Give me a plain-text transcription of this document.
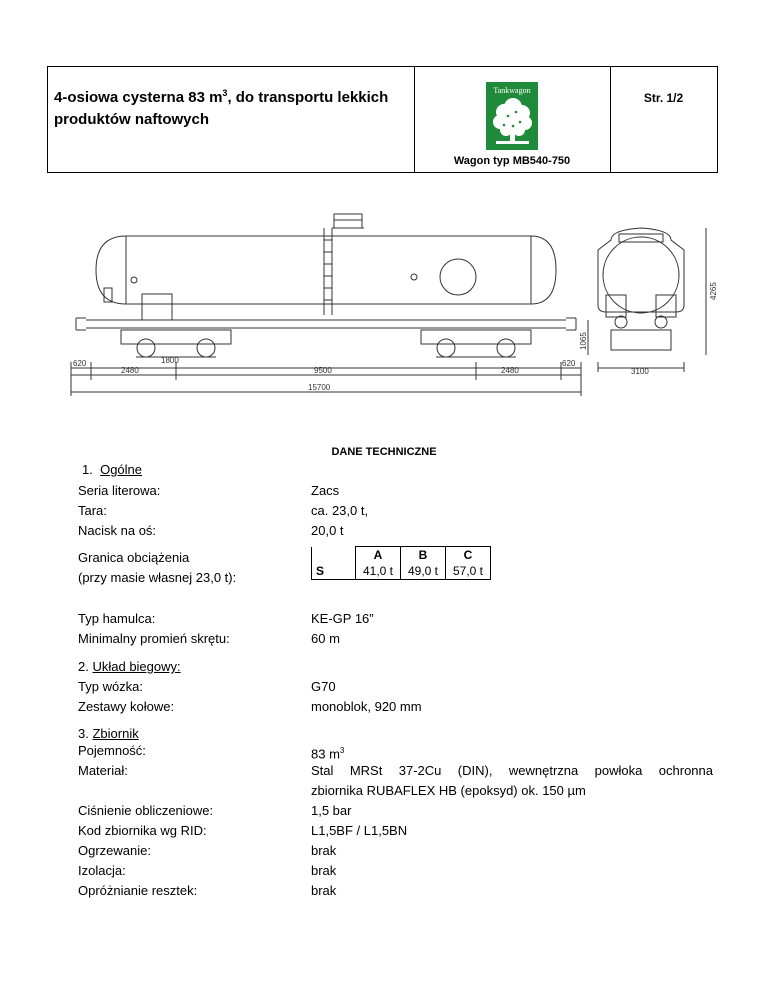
4-osiowa cysterna 83 $m^3$, do transportu lekkich
produktów naftowych
Tankwagon
Wagon typ MB540-750
Str. 1/2
620
2480
1800
9500	2480
620
15700
3100
4265
1065
DANE TECHNICZNE
1. Ogólne
Seria literowa:	Zacs
Tara:	ca. 23,0 t,
Nacisk na oś:	20,0 t
Granica obciążenia
(przy masie własnej 23,0 t):
	A	B	C
S	41,0 t	49,0 t	57,0 t
Typ hamulca:	KE-GP 16”
Minimalny promień skrętu:	60 m
2. Układ biegowy:
Typ wózka:	G70
Zestawy kołowe:	monoblok, 920 mm
3. Zbiornik
Pojemność:	83 $m^3$
Materiał:	Stal MRSt 37-2Cu (DIN), wewnętrzna powłoka ochronna
zbiornika RUBAFLEX HB (epoksyd) ok. 150 µm
Ciśnienie obliczeniowe:	1,5 bar
Kod zbiornika wg RID:	L1,5BF / L1,5BN
Ogrzewanie:	brak
Izolacja:	brak
Opróżnianie resztek:	brak
